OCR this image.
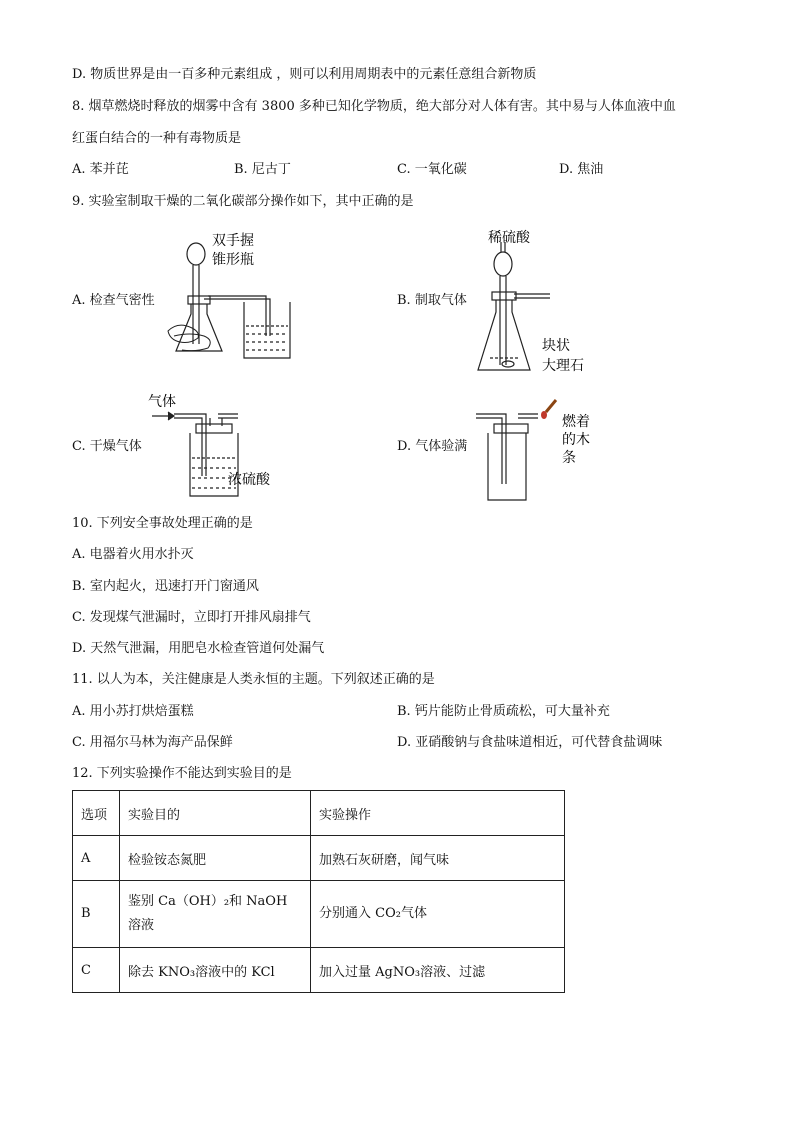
D. 物质世界是由一百多种元素组成 ，则可以利用周期表中的元素任意组合新物质
8. 烟草燃烧时释放的烟雾中含有 3800 多种已知化学物质，绝大部分对人体有害。其中易与人体血液中血
红蛋白结合的一种有毒物质是
A. 苯并芘	B. 尼古丁	C. 一氧化碳	D. 焦油
9. 实验室制取干燥的二氧化碳部分操作如下，其中正确的是
A. 检查气密性	B. 制取气体
C. 干燥气体	D. 气体验满
双手握
锥形瓶
稀硫酸
块状
大理石
气体
浓硫酸
燃着
的木
条
10. 下列安全事故处理正确的是
A. 电器着火用水扑灭
B. 室内起火，迅速打开门窗通风
C. 发现煤气泄漏时，立即打开排风扇排气
D. 天然气泄漏，用肥皂水检查管道何处漏气
11. 以人为本，关注健康是人类永恒的主题。下列叙述正确的是
A. 用小苏打烘焙蛋糕	B. 钙片能防止骨质疏松，可大量补充
C. 用福尔马林为海产品保鲜	D. 亚硝酸钠与食盐味道相近，可代替食盐调味
12. 下列实验操作不能达到实验目的是
选项	实验目的	实验操作
A	检验铵态氮肥	加熟石灰研磨，闻气味
B	鉴别 Ca（OH）₂和 NaOH 溶液	分别通入 CO₂气体
C	除去 KNO₃溶液中的 KCl	加入过量 AgNO₃溶液、过滤
